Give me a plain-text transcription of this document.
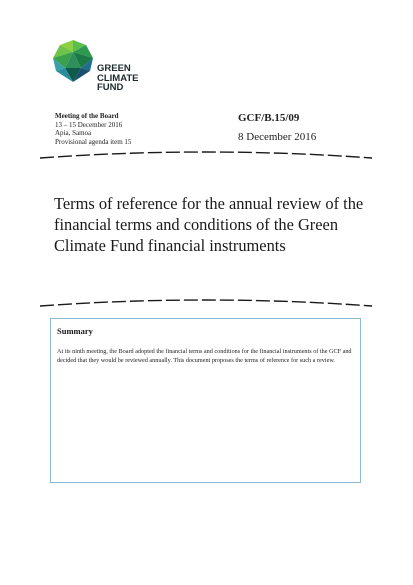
GREEN
CLIMATE
FUND
Meeting of the Board
13 – 15 December 2016
Apia, Samoa
Provisional agenda item 15
GCF/B.15/09
8 December 2016
Terms of reference for the annual review of the financial terms and conditions of the Green Climate Fund financial instruments
Summary
At its ninth meeting, the Board adopted the financial terms and conditions for the financial instruments of the GCF and decided that they would be reviewed annually. This document proposes the terms of reference for such a review.
